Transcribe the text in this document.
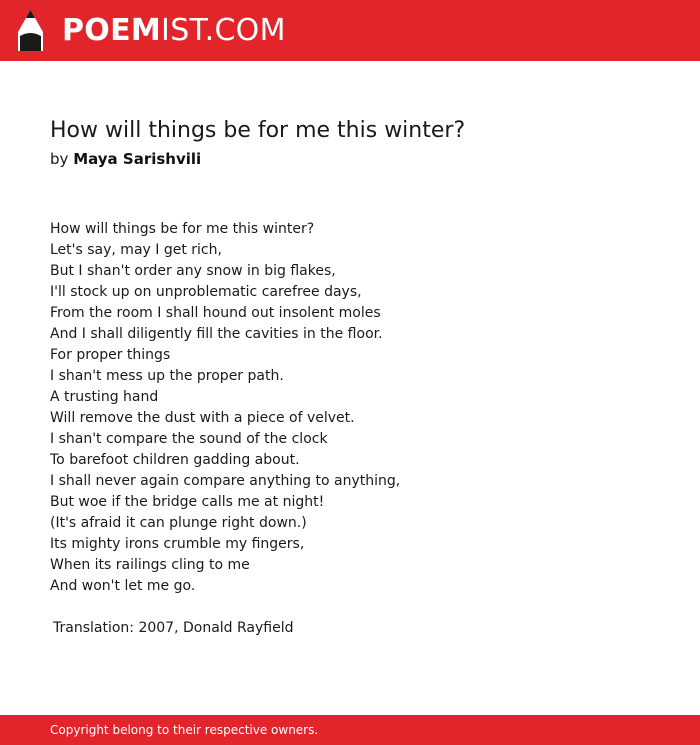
POEMIST.COM
How will things be for me this winter?
by Maya Sarishvili
How will things be for me this winter?
Let's say, may I get rich,
But I shan't order any snow in big flakes,
I'll stock up on unproblematic carefree days,
From the room I shall hound out insolent moles
And I shall diligently fill the cavities in the floor.
For proper things
I shan't mess up the proper path.
A trusting hand
Will remove the dust with a piece of velvet.
I shan't compare the sound of the clock
To barefoot children gadding about.
I shall never again compare anything to anything,
But woe if the bridge calls me at night!
(It's afraid it can plunge right down.)
Its mighty irons crumble my fingers,
When its railings cling to me
And won't let me go.
Translation: 2007, Donald Rayfield
Copyright belong to their respective owners.
